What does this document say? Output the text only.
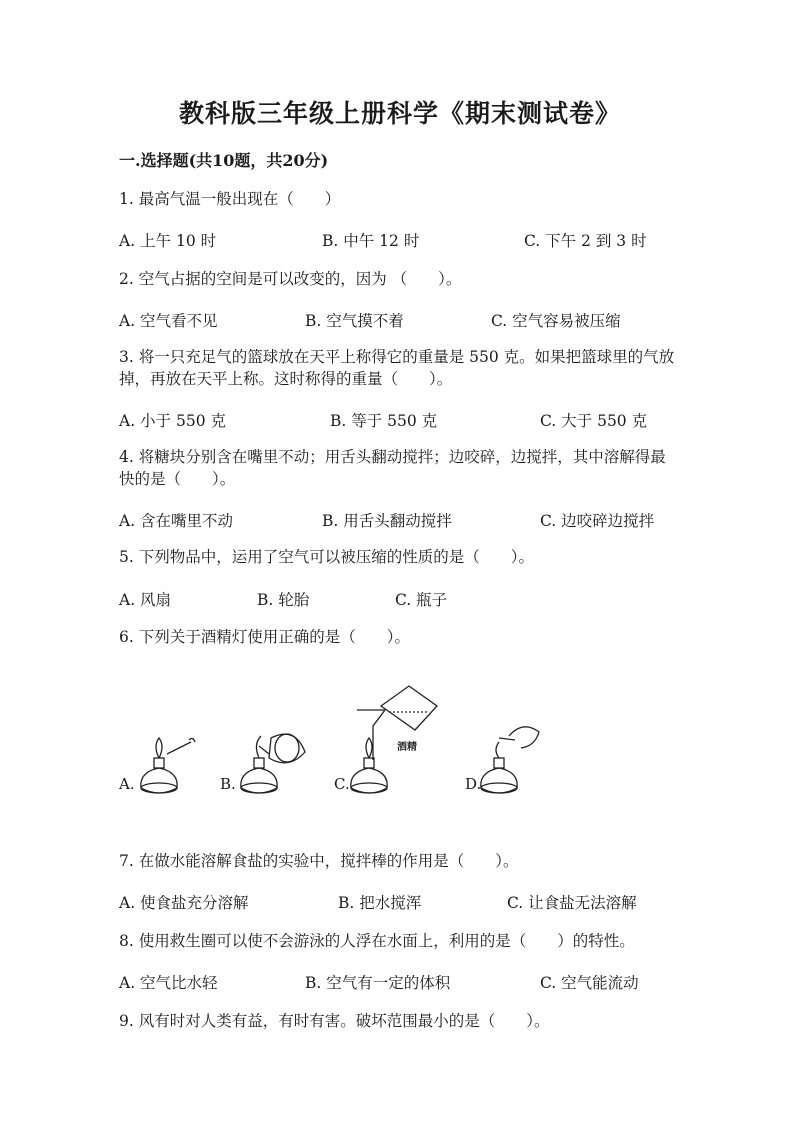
教科版三年级上册科学《期末测试卷》
一.选择题(共10题，共20分)
1. 最高气温一般出现在（　　）
A. 上午 10 时	B. 中午 12 时	C. 下午 2 到 3 时
2. 空气占据的空间是可以改变的，因为 （　　）。
A. 空气看不见	B. 空气摸不着	C. 空气容易被压缩
3. 将一只充足气的篮球放在天平上称得它的重量是 550 克。如果把篮球里的气放掉，再放在天平上称。这时称得的重量（　　）。
A. 小于 550 克	B. 等于 550 克	C. 大于 550 克
4. 将糖块分别含在嘴里不动；用舌头翻动搅拌；边咬碎，边搅拌，其中溶解得最快的是（　　）。
A. 含在嘴里不动	B. 用舌头翻动搅拌	C. 边咬碎边搅拌
5. 下列物品中，运用了空气可以被压缩的性质的是（　　）。
A. 风扇	B. 轮胎	C. 瓶子
6. 下列关于酒精灯使用正确的是（　　）。
A.	B.	C.	D.
酒精
7. 在做水能溶解食盐的实验中，搅拌棒的作用是（　　）。
A. 使食盐充分溶解	B. 把水搅浑	C. 让食盐无法溶解
8. 使用救生圈可以使不会游泳的人浮在水面上，利用的是（　　）的特性。
A. 空气比水轻	B. 空气有一定的体积	C. 空气能流动
9. 风有时对人类有益，有时有害。破坏范围最小的是（　　）。
